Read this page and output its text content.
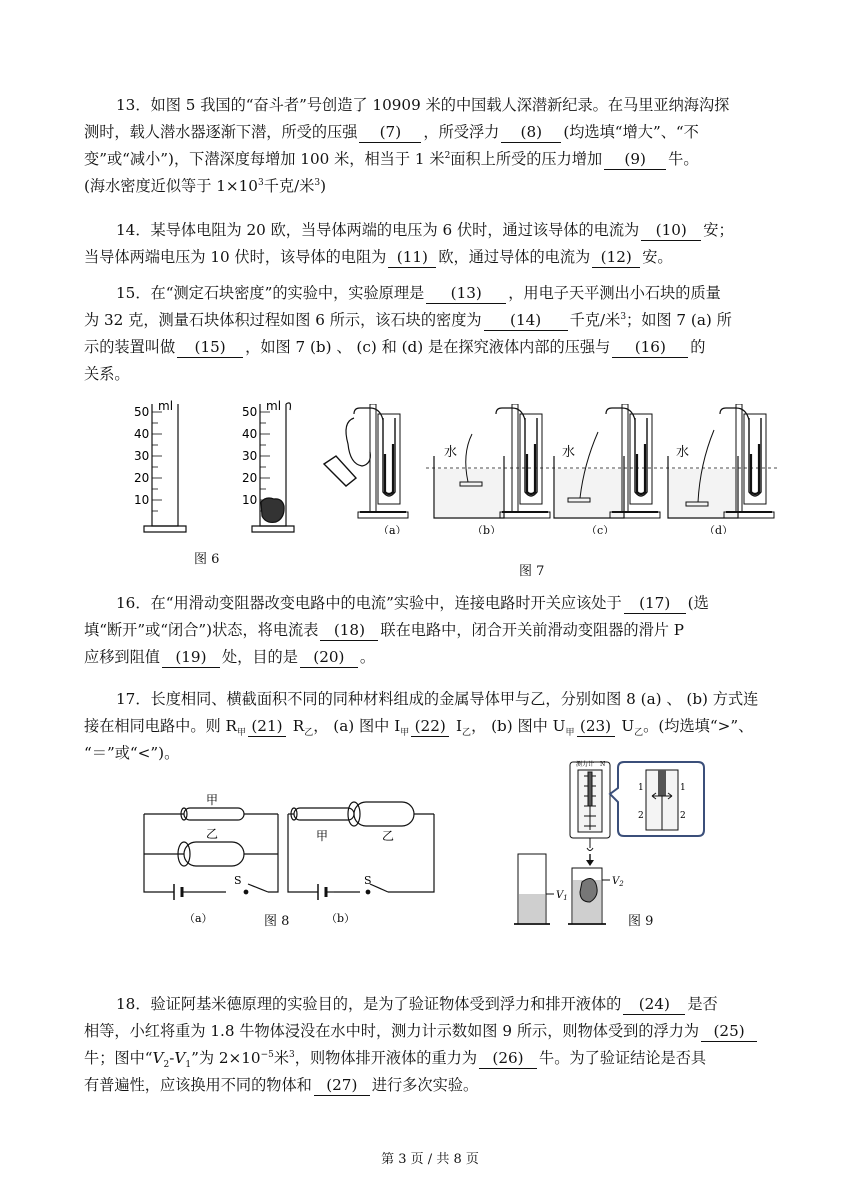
13．如图 5 我国的“奋斗者”号创造了 10909 米的中国载人深潜新纪录。在马里亚纳海沟探
测时，载人潜水器逐渐下潜，所受的压强 (7) ，所受浮力 (8) (均选填“增大”、“不
变”或“减小”)，下潜深度每增加 100 米，相当于 1 米$^2$面积上所受的压力增加 (9) 牛。
(海水密度近似等于 $1\times 10^3$千克/米$^3$)
14．某导体电阻为 20 欧，当导体两端的电压为 6 伏时，通过该导体的电流为 (10) 安；
当导体两端电压为 10 伏时，该导体的电阻为 (11) 欧，通过导体的电流为 (12) 安。
15．在“测定石块密度”的实验中，实验原理是 (13) ，用电子天平测出小石块的质量
为 32 克，测量石块体积过程如图 6 所示，该石块的密度为 (14) 千克/米$^3$；如图 7 (a) 所
示的装置叫做 (15) ，如图 7 (b) 、 (c) 和 (d) 是在探究液体内部的压强与 (16) 的
关系。
ml
50
40
30
20
10
ml
50
40
30
20
10
图 6
（a）
水
（b）
水
（c）
水
（d）
图 7
16．在“用滑动变阻器改变电路中的电流”实验中，连接电路时开关应该处于 (17) (选
填“断开”或“闭合”)状态，将电流表 (18) 联在电路中，闭合开关前滑动变阻器的滑片 P
应移到阻值 (19) 处，目的是 (20) 。
17．长度相同、横截面积不同的同种材料组成的金属导体甲与乙，分别如图 8 (a) 、 (b) 方式连
接在相同电路中。则 $R_甲$ (21) $R_乙$， (a) 图中 $I_甲$ (22) $I_乙$， (b) 图中 $U_甲$ (23) $U_乙$。(均选填“>”、
“＝”或“<”)。
甲
乙
S
（a）
甲	乙
S
（b）
图 8
测力计 N
1	1
2	2
$V_1$
$V_2$
图 9
18．验证阿基米德原理的实验目的，是为了验证物体受到浮力和排开液体的 (24) 是否
相等，小红将重为 1.8 牛物体浸没在水中时，测力计示数如图 9 所示，则物体受到的浮力为 (25)
牛；图中“$V_2-V_1$”为 $2\times 10^{-5}$米$^3$，则物体排开液体的重力为 (26) 牛。为了验证结论是否具
有普遍性，应该换用不同的物体和 (27) 进行多次实验。
第 3 页 / 共 8 页
